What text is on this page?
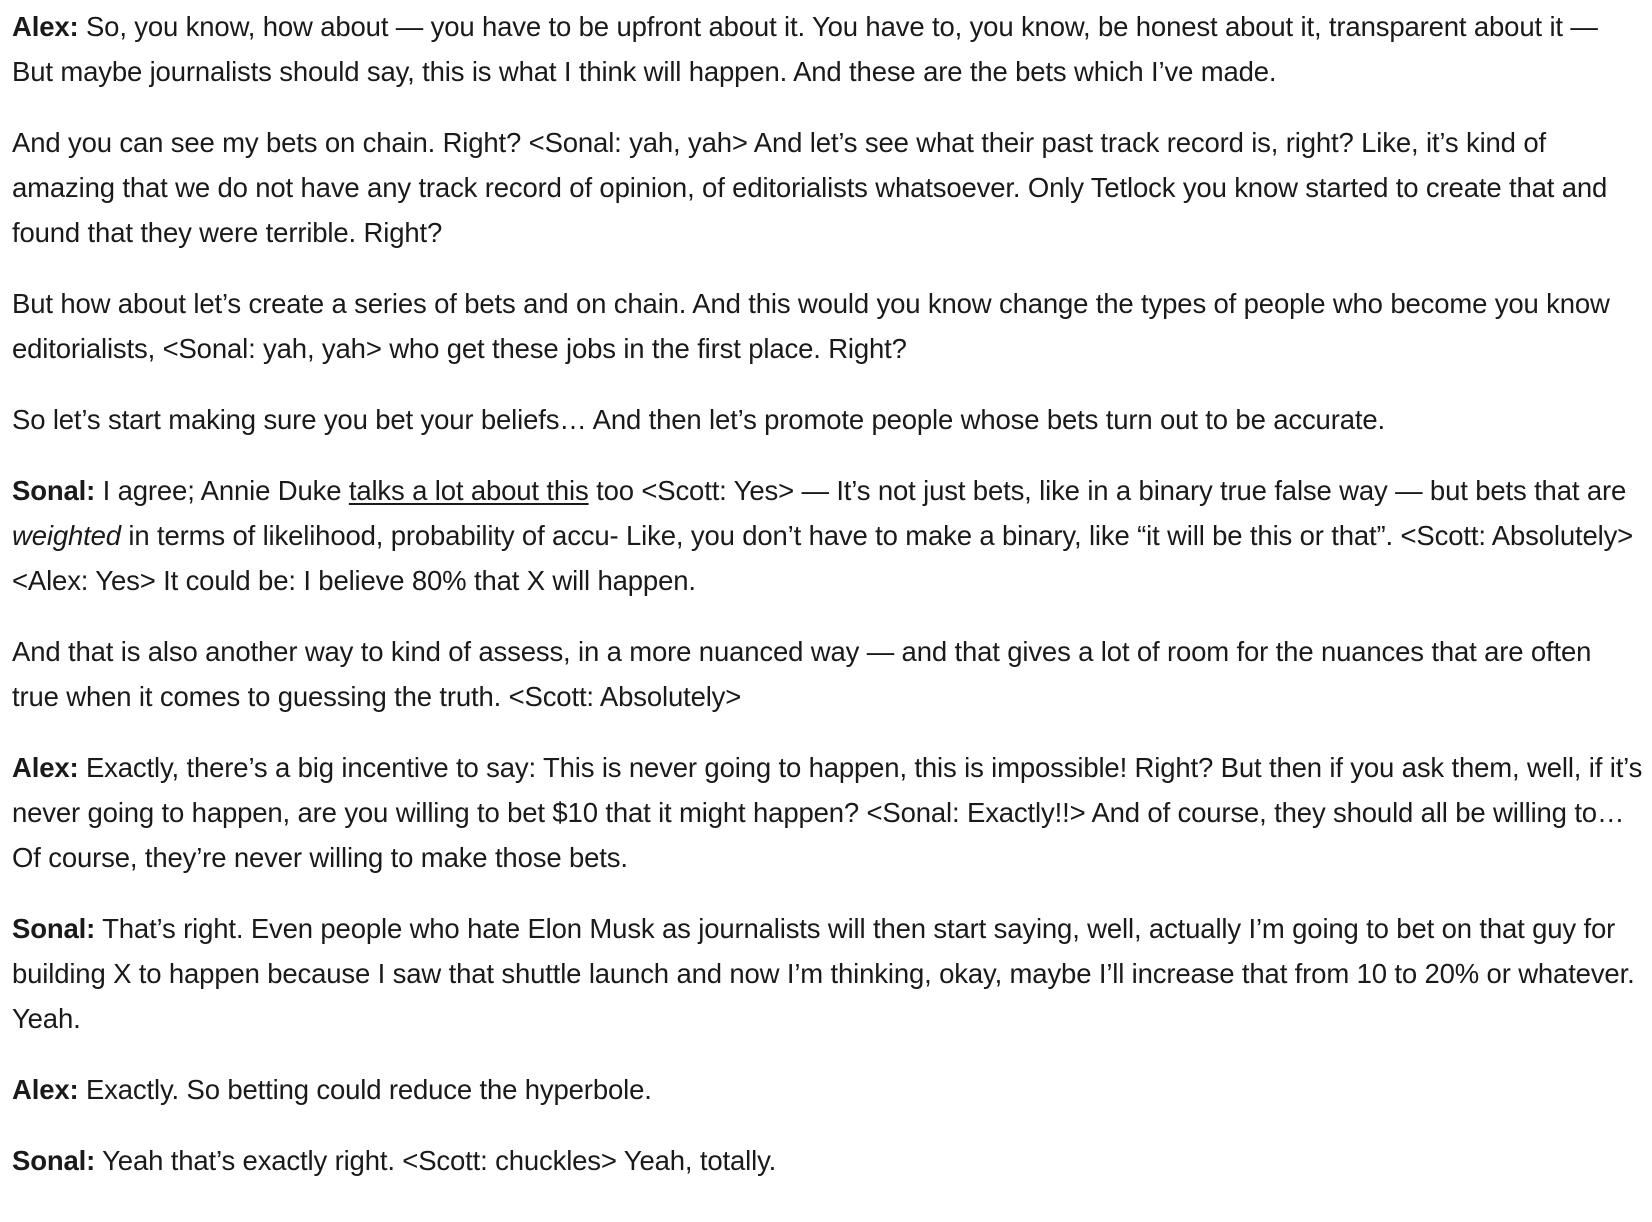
Alex: So, you know, how about — you have to be upfront about it. You have to, you know, be honest about it, transparent about it — But maybe journalists should say, this is what I think will happen. And these are the bets which I’ve made.

And you can see my bets on chain. Right? <Sonal: yah, yah> And let’s see what their past track record is, right? Like, it’s kind of amazing that we do not have any track record of opinion, of editorialists whatsoever. Only Tetlock you know started to create that and found that they were terrible. Right?

But how about let’s create a series of bets and on chain. And this would you know change the types of people who become you know editorialists, <Sonal: yah, yah> who get these jobs in the first place. Right?

So let’s start making sure you bet your beliefs… And then let’s promote people whose bets turn out to be accurate.

Sonal: I agree; Annie Duke talks a lot about this too <Scott: Yes> — It’s not just bets, like in a binary true false way — but bets that are weighted in terms of likelihood, probability of accu- Like, you don’t have to make a binary, like “it will be this or that”. <Scott: Absolutely> <Alex: Yes> It could be: I believe 80% that X will happen.

And that is also another way to kind of assess, in a more nuanced way — and that gives a lot of room for the nuances that are often true when it comes to guessing the truth. <Scott: Absolutely>

Alex: Exactly, there’s a big incentive to say: This is never going to happen, this is impossible! Right? But then if you ask them, well, if it’s never going to happen, are you willing to bet $10 that it might happen? <Sonal: Exactly!!> And of course, they should all be willing to… Of course, they’re never willing to make those bets.

Sonal: That’s right. Even people who hate Elon Musk as journalists will then start saying, well, actually I’m going to bet on that guy for building X to happen because I saw that shuttle launch and now I’m thinking, okay, maybe I’ll increase that from 10 to 20% or whatever. Yeah.

Alex: Exactly. So betting could reduce the hyperbole.

Sonal: Yeah that’s exactly right. <Scott: chuckles> Yeah, totally.
